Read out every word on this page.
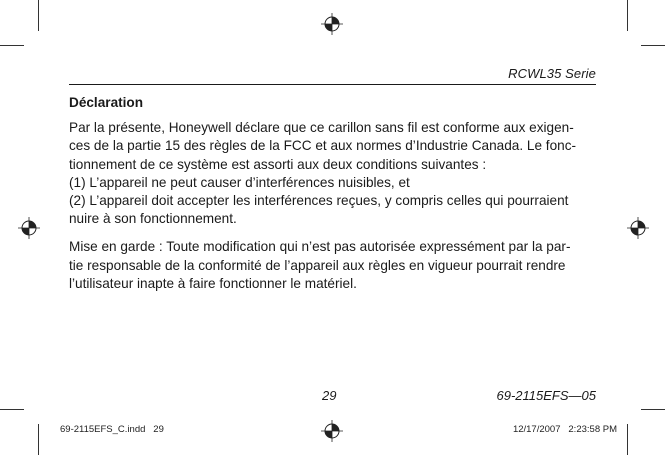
RCWL35 Serie
Déclaration

Par la présente, Honeywell déclare que ce carillon sans fil est conforme aux exigen-
ces de la partie 15 des règles de la FCC et aux normes d’Industrie Canada. Le fonc-
tionnement de ce système est assorti aux deux conditions suivantes :
(1) L’appareil ne peut causer d’interférences nuisibles, et
(2) L’appareil doit accepter les interférences reçues, y compris celles qui pourraient
nuire à son fonctionnement.

Mise en garde : Toute modification qui n’est pas autorisée expressément par la par-
tie responsable de la conformité de l’appareil aux règles en vigueur pourrait rendre
l’utilisateur inapte à faire fonctionner le matériel.

29	69-2115EFS—05
69-2115EFS_C.indd   29	12/17/2007   2:23:58 PM
